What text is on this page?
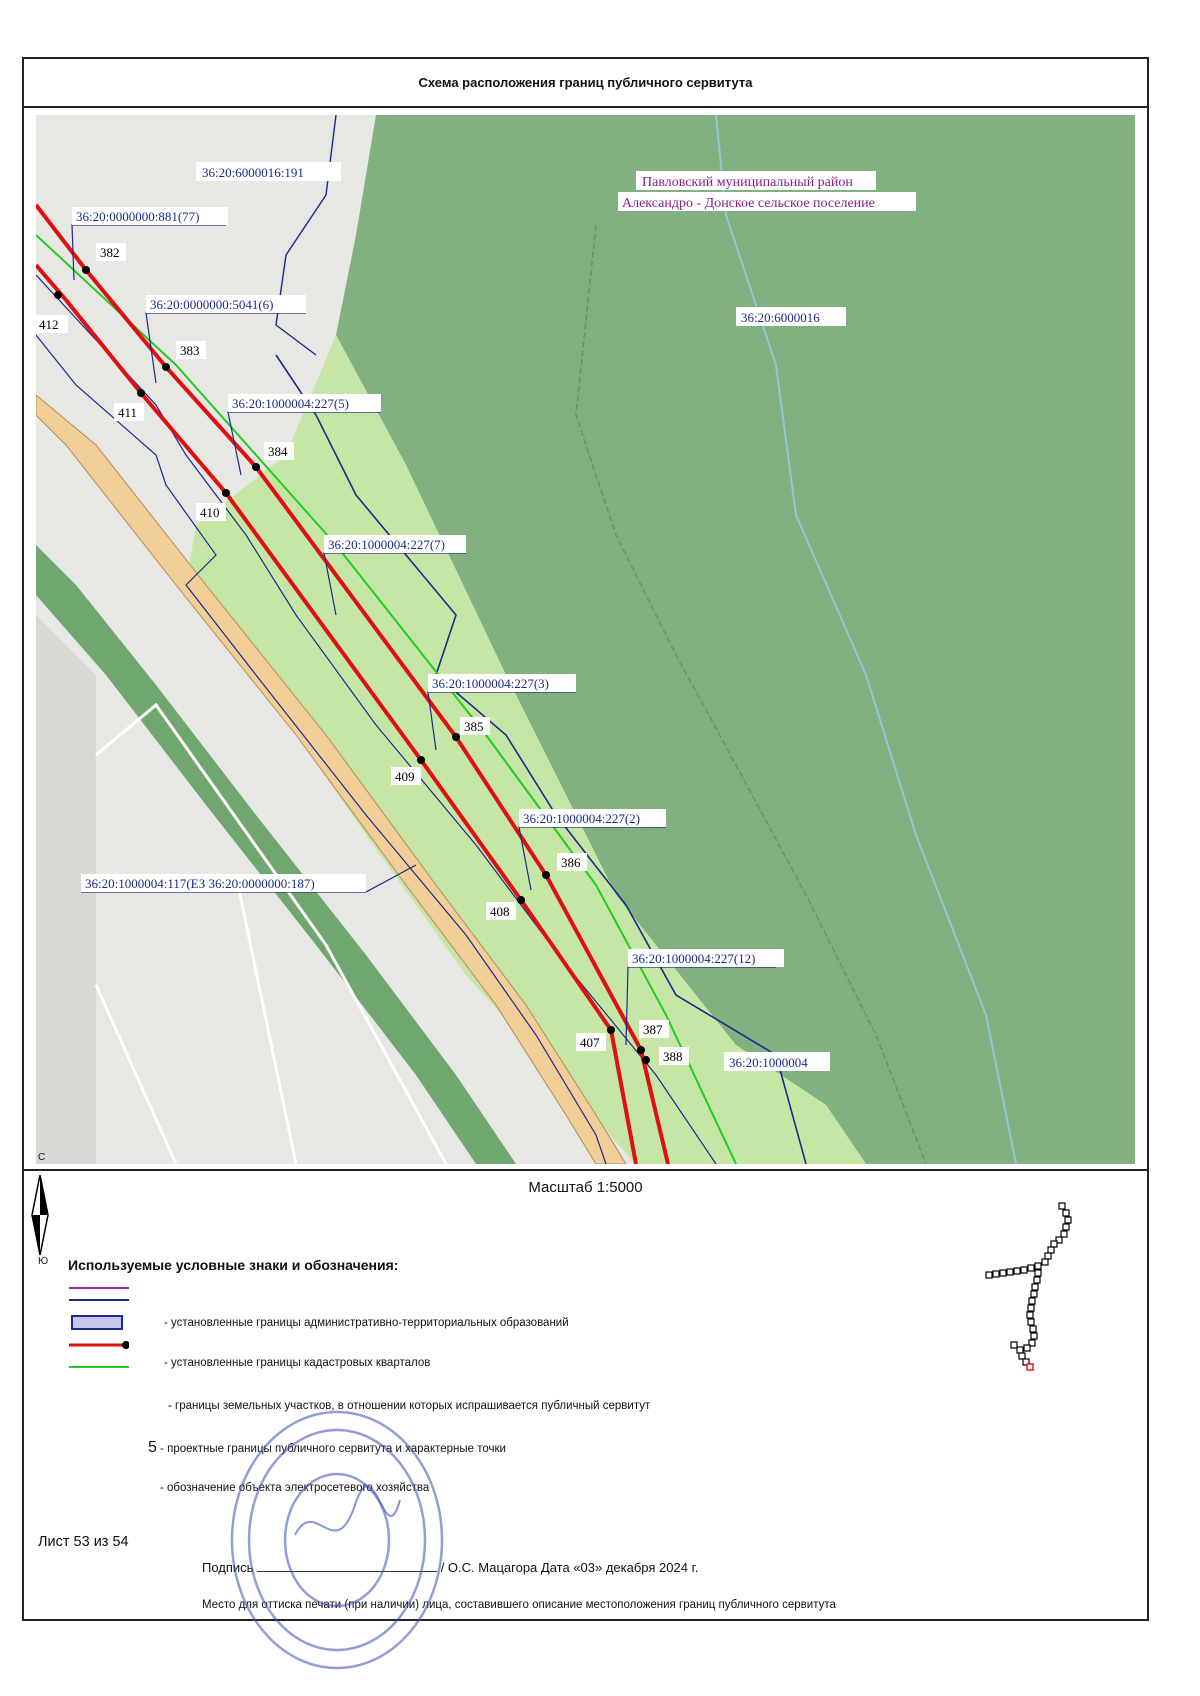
Схема расположения границ публичного сервитута
36:20:6000016:191
36:20:0000000:881(77)
36:20:0000000:5041(6)
36:20:1000004:227(5)
36:20:1000004:227(7)
36:20:1000004:227(3)
36:20:1000004:227(2)
36:20:1000004:227(12)
36:20:1000004:117(ЕЗ 36:20:0000000:187)
36:20:6000016
36:20:1000004
Павловский муниципальный район
Александро - Донское сельское поселение
382
383
384
385
386
387
388
407
408
409
410
411
412
С
Ю
Масштаб 1:5000
Используемые условные знаки и обозначения:
- установленные границы административно-территориальных образований
- установленные границы кадастровых кварталов
- границы земельных участков, в отношении которых испрашивается публичный сервитут
5 - проектные границы публичного сервитута и характерные точки
- обозначение объекта электросетевого хозяйства
Лист 53 из 54
Подпись	/ О.С. Мацагора Дата «03» декабря 2024 г.
Место для оттиска печати (при наличии) лица, составившего описание местоположения границ публичного сервитута
